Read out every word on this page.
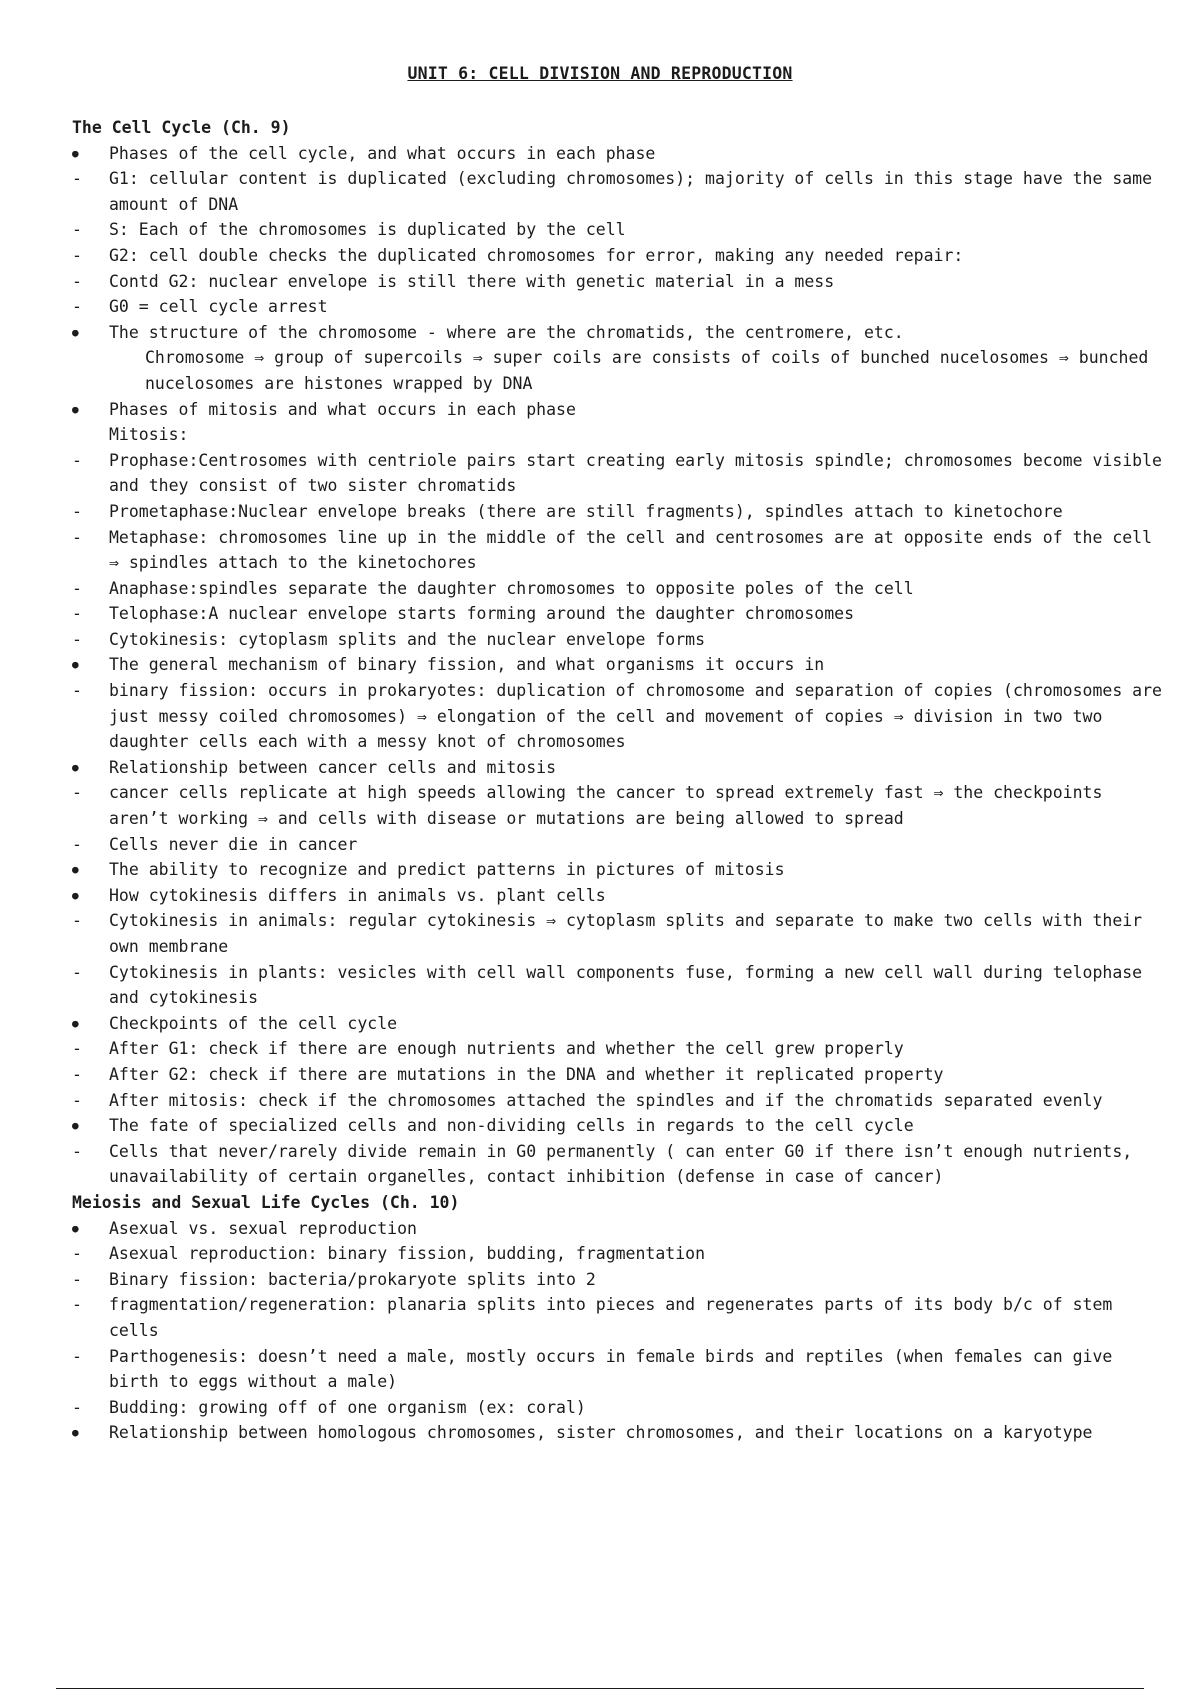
UNIT 6: CELL DIVISION AND REPRODUCTION
The Cell Cycle (Ch. 9)
●
Phases of the cell cycle, and what occurs in each phase
-
G1: cellular content is duplicated (excluding chromosomes); majority of cells in this stage have the same amount of DNA
-
S: Each of the chromosomes is duplicated by the cell
-
G2: cell double checks the duplicated chromosomes for error, making any needed repair:
-
Contd G2: nuclear envelope is still there with genetic material in a mess
-
G0 = cell cycle arrest
●
The structure of the chromosome - where are the chromatids, the centromere, etc.
Chromosome ⇒ group of supercoils ⇒ super coils are consists of coils of bunched nucelosomes ⇒ bunched nucelosomes are histones wrapped by DNA
●
Phases of mitosis and what occurs in each phase
Mitosis:
-
Prophase:Centrosomes with centriole pairs start creating early mitosis spindle; chromosomes become visible and they consist of two sister chromatids
-
Prometaphase:Nuclear envelope breaks (there are still fragments), spindles attach to kinetochore
-
Metaphase: chromosomes line up in the middle of the cell and centrosomes are at opposite ends of the cell ⇒ spindles attach to the kinetochores
-
Anaphase:spindles separate the daughter chromosomes to opposite poles of the cell
-
Telophase:A nuclear envelope starts forming around the daughter chromosomes
-
Cytokinesis: cytoplasm splits and the nuclear envelope forms
●
The general mechanism of binary fission, and what organisms it occurs in
-
binary fission: occurs in prokaryotes: duplication of chromosome and separation of copies (chromosomes are just messy coiled chromosomes) ⇒ elongation of the cell and movement of copies ⇒ division in two two daughter cells each with a messy knot of chromosomes
●
Relationship between cancer cells and mitosis
-
cancer cells replicate at high speeds allowing the cancer to spread extremely fast ⇒ the checkpoints aren’t working ⇒ and cells with disease or mutations are being allowed to spread
-
Cells never die in cancer
●
The ability to recognize and predict patterns in pictures of mitosis
●
How cytokinesis differs in animals vs. plant cells
-
Cytokinesis in animals: regular cytokinesis ⇒ cytoplasm splits and separate to make two cells with their own membrane
-
Cytokinesis in plants: vesicles with cell wall components fuse, forming a new cell wall during telophase and cytokinesis
●
Checkpoints of the cell cycle
-
After G1: check if there are enough nutrients and whether the cell grew properly
-
After G2: check if there are mutations in the DNA and whether it replicated property
-
After mitosis: check if the chromosomes attached the spindles and if the chromatids separated evenly
●
The fate of specialized cells and non-dividing cells in regards to the cell cycle
-
Cells that never/rarely divide remain in G0 permanently ( can enter G0 if there isn’t enough nutrients, unavailability of certain organelles, contact inhibition (defense in case of cancer)
Meiosis and Sexual Life Cycles (Ch. 10)
●
Asexual vs. sexual reproduction
-
Asexual reproduction: binary fission, budding, fragmentation
-
Binary fission: bacteria/prokaryote splits into 2
-
fragmentation/regeneration: planaria splits into pieces and regenerates parts of its body b/c of stem cells
-
Parthogenesis: doesn’t need a male, mostly occurs in female birds and reptiles (when females can give birth to eggs without a male)
-
Budding: growing off of one organism (ex: coral)
●
Relationship between homologous chromosomes, sister chromosomes, and their locations on a karyotype
